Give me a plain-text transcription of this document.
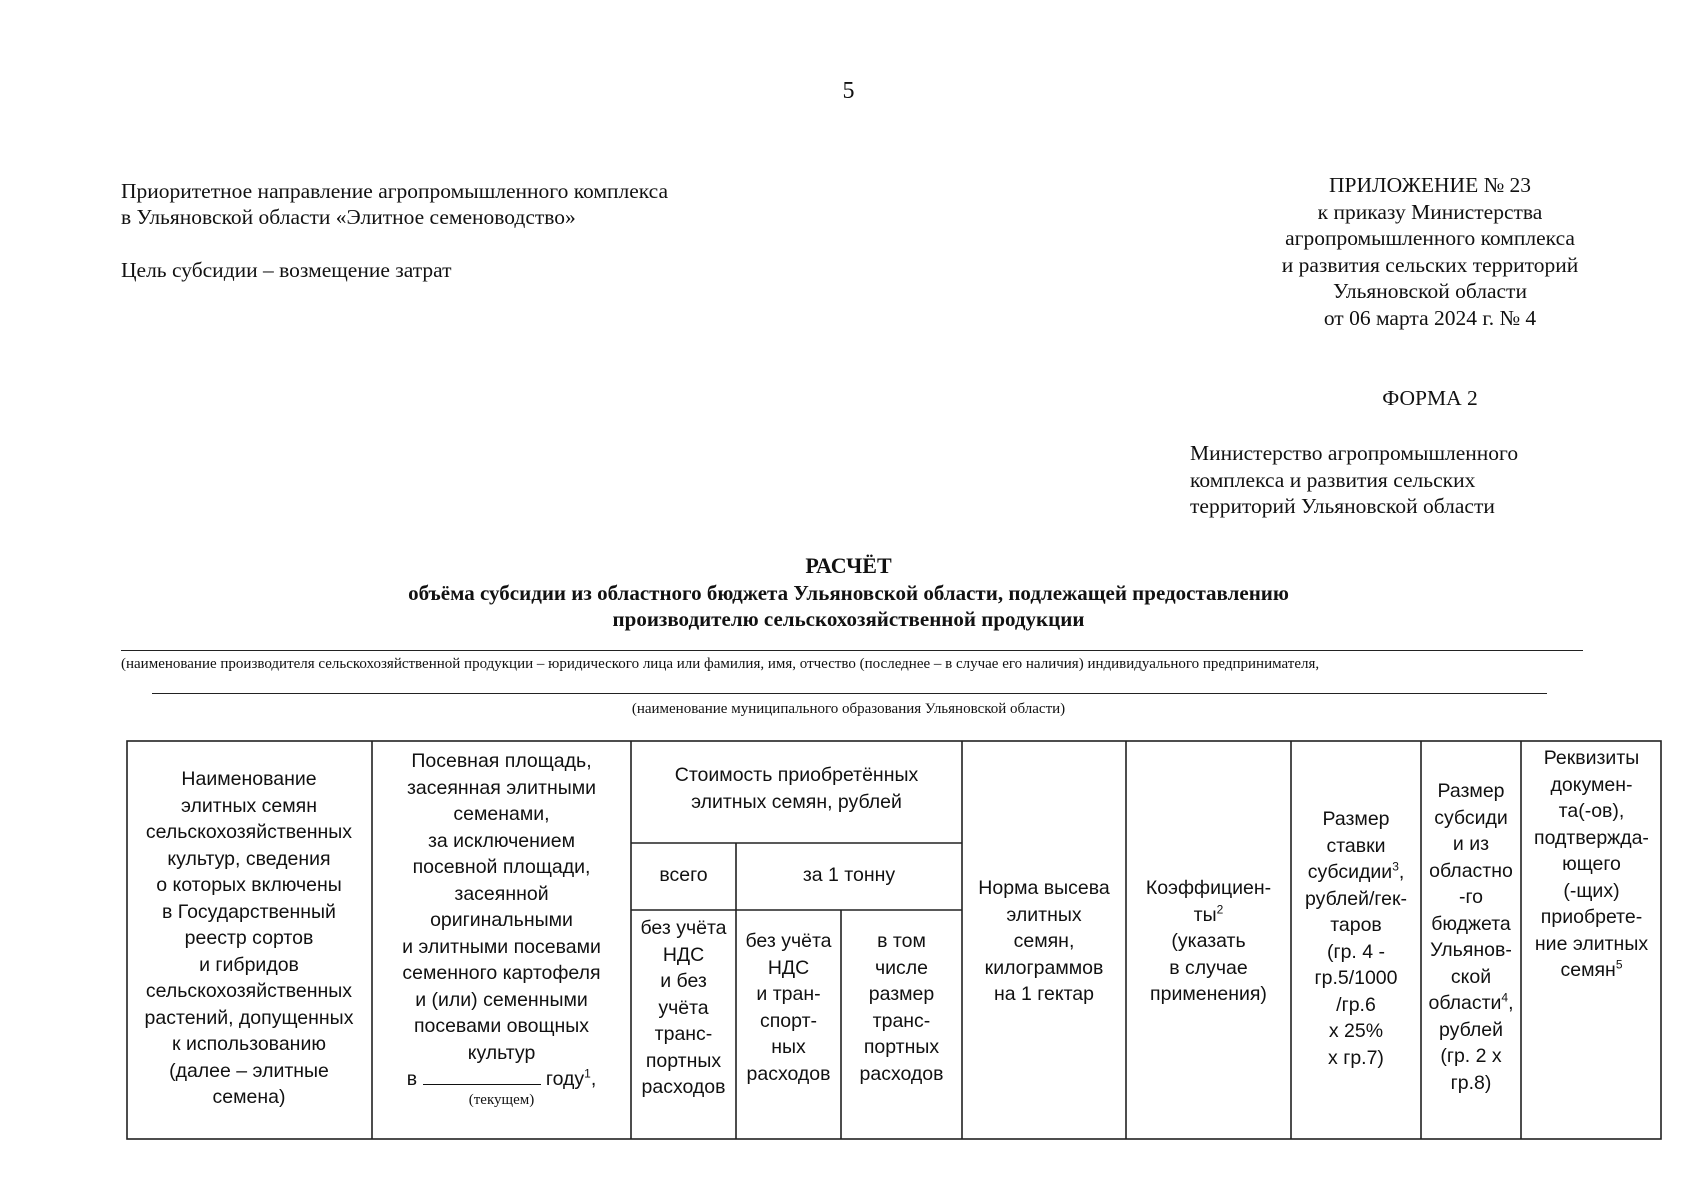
5

Приоритетное направление агропромышленного комплекса

в Ульяновской области «Элитное семеноводство»

Цель субсидии – возмещение затрат

ПРИЛОЖЕНИЕ № 23

к приказу Министерства

агропромышленного комплекса

и развития сельских территорий

Ульяновской области

от 06 марта 2024 г. № 4

ФОРМА 2

Министерство агропромышленного

комплекса и развития сельских

территорий Ульяновской области

РАСЧЁТ

объёма субсидии из областного бюджета Ульяновской области, подлежащей предоставлению

производителю сельскохозяйственной продукции

(наименование производителя сельскохозяйственной продукции – юридического лица или фамилия, имя, отчество (последнее – в случае его наличия) индивидуального предпринимателя,
(наименование муниципального образования Ульяновской области)
Наименование
элитных семян
сельскохозяйственных
культур, сведения
о которых включены
в Государственный
реестр сортов
и гибридов
сельскохозяйственных
растений, допущенных
к использованию
(далее – элитные
семена)
Посевная площадь,
засеянная элитными
семенами,
за исключением
посевной площади,
засеянной
оригинальными
и элитными посевами
семенного картофеля
и (или) семенными
посевами овощных
культур
в	году$^1$,
(текущем)
Стоимость приобретённых
элитных семян, рублей
всего	за 1 тонну
без учёта
НДС
и без
учёта
транс-
портных
расходов
без учёта
НДС
и тран-
спорт-
ных
расходов
в том
числе
размер
транс-
портных
расходов
Норма высева
элитных
семян,
килограммов
на 1 гектар
Коэффициен-
$ты^2$
(указать
в случае
применения)
Размер
ставки
субсидии$^3$,
рублей/гек-
таров
(гр. 4 -
гр.5/1000
/гр.6
х 25%
х гр.7)
Размер
субсиди
и из
областно
-го
бюджета
Ульянов-
ской
области$^4$,
рублей
(гр. 2 х
гр.8)
Реквизиты
докумен-
та(-ов),
подтвержда-
ющего
(-щих)
приобрете-
ние элитных
семян$^5$
